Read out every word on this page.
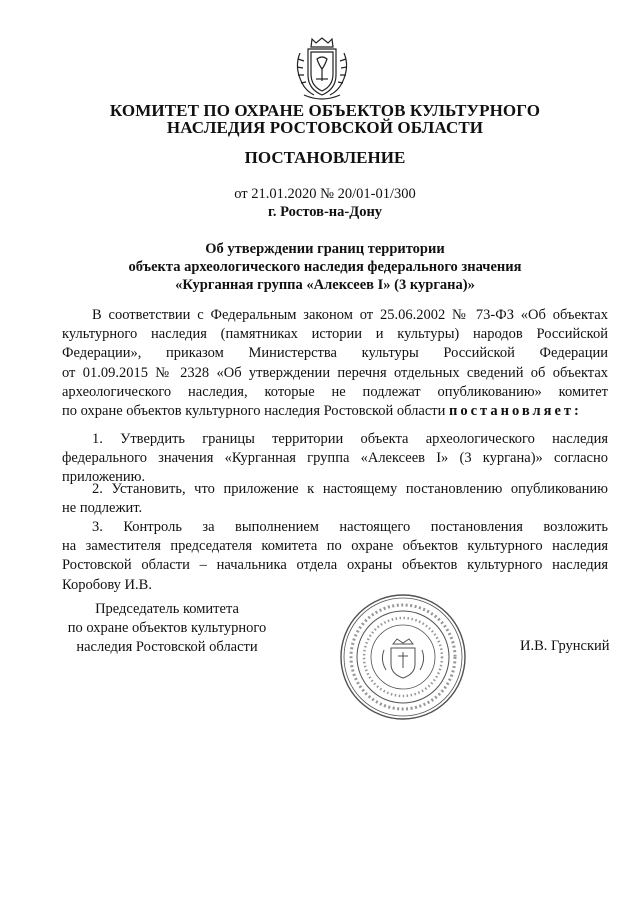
КОМИТЕТ ПО ОХРАНЕ ОБЪЕКТОВ КУЛЬТУРНОГО
НАСЛЕДИЯ РОСТОВСКОЙ ОБЛАСТИ
ПОСТАНОВЛЕНИЕ
от 21.01.2020 № 20/01-01/300
г. Ростов-на-Дону
Об утверждении границ территории
объекта археологического наследия федерального значения
«Курганная группа «Алексеев I» (3 кургана)»
В соответствии с Федеральным законом от 25.06.2002 № 73-ФЗ «Об объектах
культурного наследия (памятниках истории и культуры) народов Российской
Федерации», приказом Министерства культуры Российской Федерации
от 01.09.2015 № 2328 «Об утверждении перечня отдельных сведений об объектах
археологического наследия, которые не подлежат опубликованию» комитет
по охране объектов культурного наследия Ростовской области постановляет:
1. Утвердить границы территории объекта археологического наследия
федерального значения «Курганная группа «Алексеев I» (3 кургана)» согласно
приложению.
2. Установить, что приложение к настоящему постановлению опубликованию
не подлежит.
3. Контроль за выполнением настоящего постановления возложить
на заместителя председателя комитета по охране объектов культурного наследия
Ростовской области – начальника отдела охраны объектов культурного наследия
Коробову И.В.
Председатель комитета
по охране объектов культурного
наследия Ростовской области	И.В. Грунский
